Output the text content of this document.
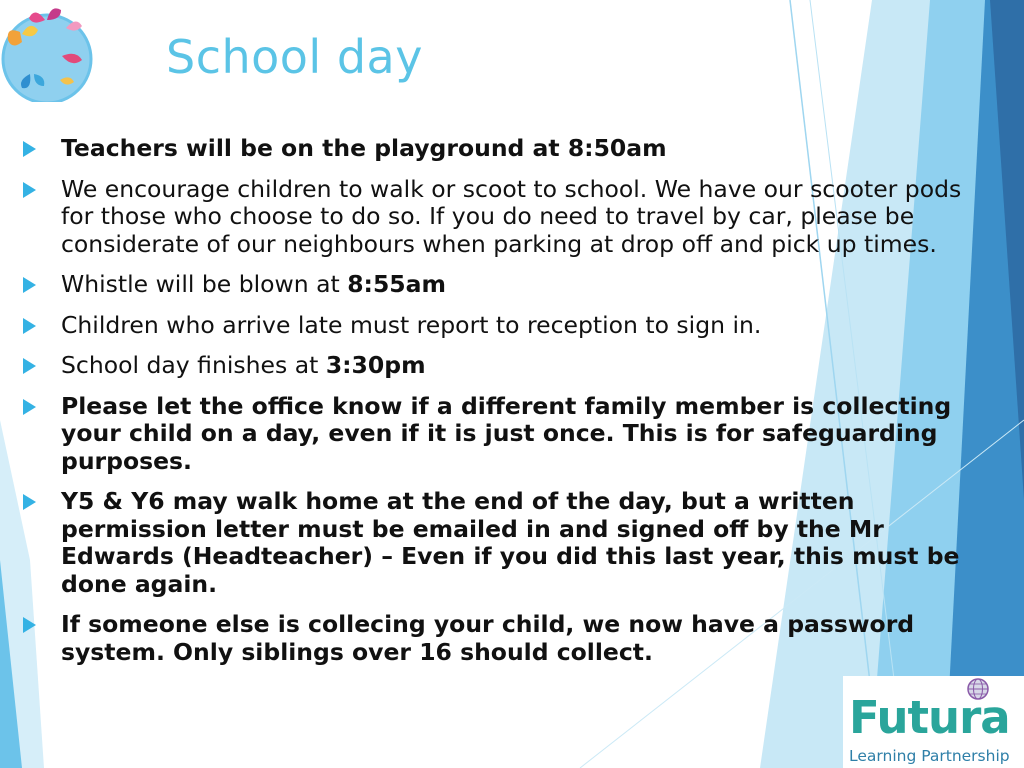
School day
Teachers will be on the playground at 8:50am
We encourage children to walk or scoot to school. We have our scooter pods for those who choose to do so. If you do need to travel by car, please be considerate of our neighbours when parking at drop off and pick up times.
Whistle will be blown at 8:55am
Children who arrive late must report to reception to sign in.
School day finishes at 3:30pm
Please let the office know if a different family member is collecting your child on a day, even if it is just once. This is for safeguarding purposes.
Y5 & Y6 may walk home at the end of the day, but a written permission letter must be emailed in and signed off by the Mr Edwards (Headteacher) – Even if you did this last year, this must be done again.
If someone else is collecing your child, we now have a password system. Only siblings over 16 should collect.
Futura
Learning Partnership
